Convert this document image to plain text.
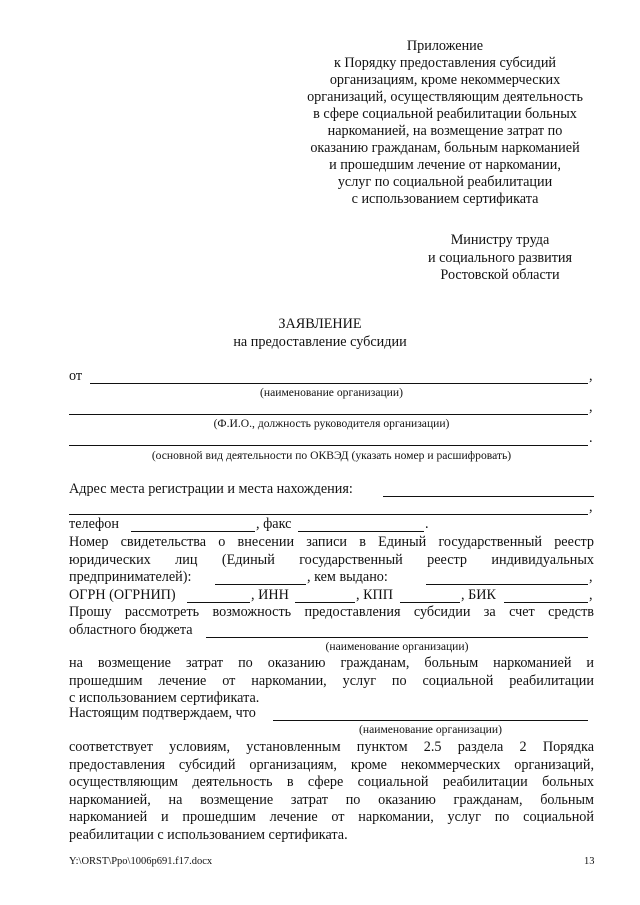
Приложение
к Порядку предоставления субсидий
организациям, кроме некоммерческих
организаций, осуществляющим деятельность
в сфере социальной реабилитации больных
наркоманией, на возмещение затрат по
оказанию гражданам, больным наркоманией
и прошедшим лечение от наркомании,
услуг по социальной реабилитации
с использованием сертификата
Министру труда
и социального развития
Ростовской области
ЗАЯВЛЕНИЕ
на предоставление субсидии
от	,
(наименование организации)
,
(Ф.И.О., должность руководителя организации)
.
(основной вид деятельности по ОКВЭД (указать номер и расшифровать)
Адрес места регистрации и места нахождения:
,
телефон	, факс	.
Номер свидетельства о внесении записи в Единый государственный реестр
юридических лиц (Единый государственный реестр индивидуальных
предпринимателей):	, кем выдано:	,
ОГРН (ОГРНИП)	, ИНН	, КПП	, БИК	,
Прошу рассмотреть возможность предоставления субсидии за счет средств
областного бюджета
(наименование организации)
на возмещение затрат по оказанию гражданам, больным наркоманией и
прошедшим лечение от наркомании, услуг по социальной реабилитации
с использованием сертификата.
Настоящим подтверждаем, что
(наименование организации)
соответствует условиям, установленным пунктом 2.5 раздела 2 Порядка
предоставления субсидий организациям, кроме некоммерческих организаций,
осуществляющим деятельность в сфере социальной реабилитации больных
наркоманией, на возмещение затрат по оказанию гражданам, больным
наркоманией и прошедшим лечение от наркомании, услуг по социальной
реабилитации с использованием сертификата.
Y:\ORST\Ppo\1006p691.f17.docx	13
